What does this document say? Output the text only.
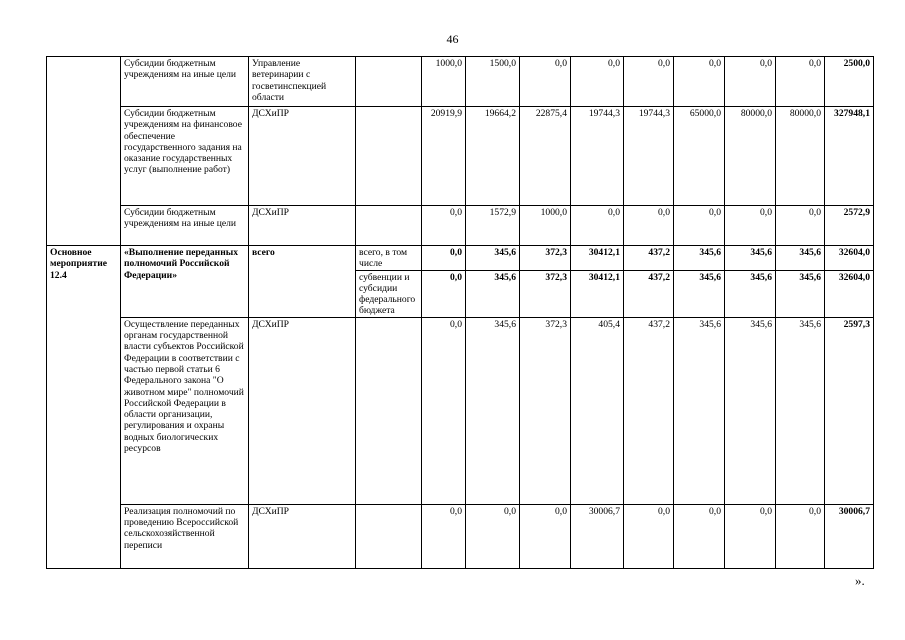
46
	Субсидии бюджетным учреждениям на иные цели	Управление ветеринарии с госветинспекцией области		1000,0	1500,0	0,0	0,0	0,0	0,0	0,0	0,0	2500,0
	Субсидии бюджетным учреждениям на финансовое обеспечение государственного задания на оказание государственных услуг (выполнение работ)	ДСХиПР		20919,9	19664,2	22875,4	19744,3	19744,3	65000,0	80000,0	80000,0	327948,1
	Субсидии бюджетным учреждениям на иные цели	ДСХиПР		0,0	1572,9	1000,0	0,0	0,0	0,0	0,0	0,0	2572,9
Основное мероприятие 12.4	«Выполнение переданных полномочий Российской Федерации»	всего	всего, в том числе	0,0	345,6	372,3	30412,1	437,2	345,6	345,6	345,6	32604,0
			субвенции и субсидии федерального бюджета	0,0	345,6	372,3	30412,1	437,2	345,6	345,6	345,6	32604,0
	Осуществление переданных органам государственной власти субъектов Российской Федерации в соответствии с частью первой статьи 6 Федерального закона "О животном мире" полномочий Российской Федерации в области организации, регулирования и охраны водных биологических ресурсов	ДСХиПР		0,0	345,6	372,3	405,4	437,2	345,6	345,6	345,6	2597,3
	Реализация полномочий по проведению Всероссийской сельскохозяйственной переписи	ДСХиПР		0,0	0,0	0,0	30006,7	0,0	0,0	0,0	0,0	30006,7
».
